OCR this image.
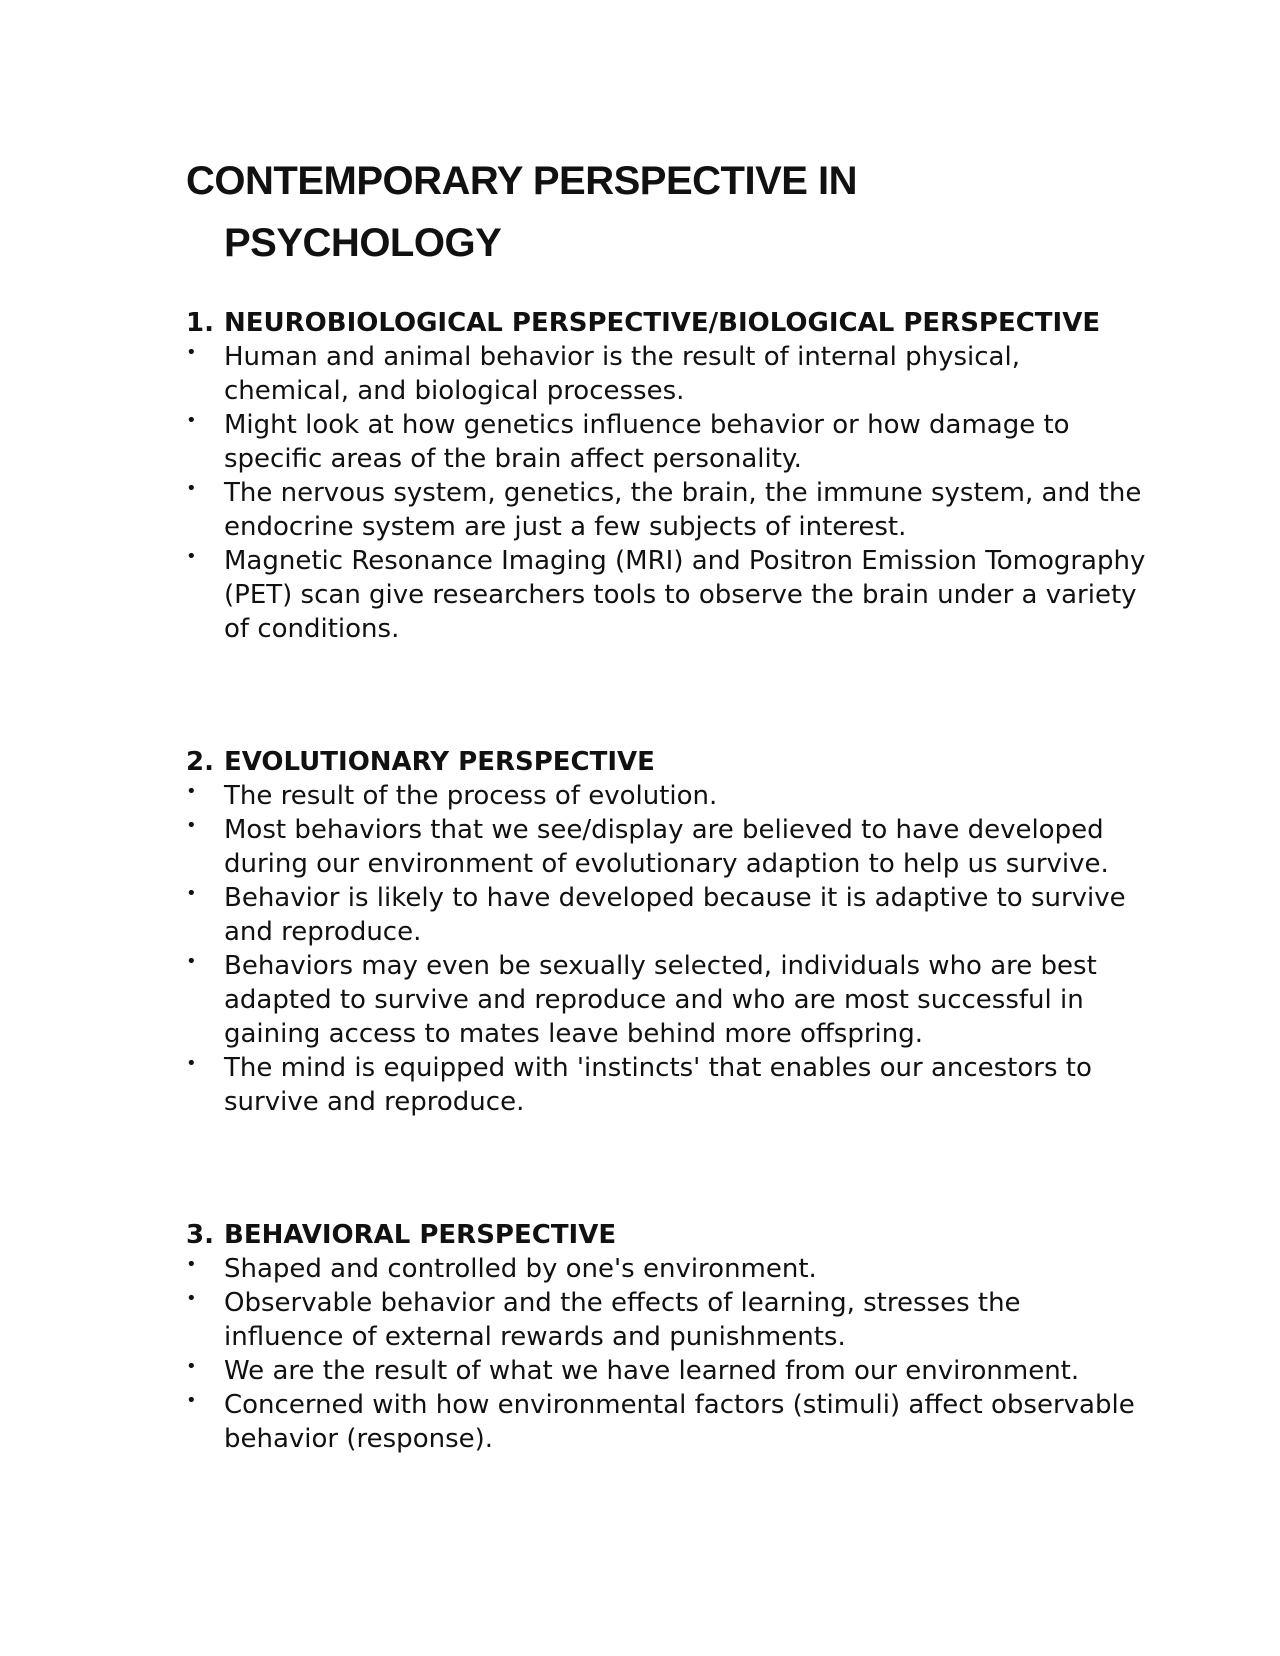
CONTEMPORARY PERSPECTIVE IN
PSYCHOLOGY
1. NEUROBIOLOGICAL PERSPECTIVE/BIOLOGICAL PERSPECTIVE
• Human and animal behavior is the result of internal physical, chemical, and biological processes.
• Might look at how genetics influence behavior or how damage to specific areas of the brain affect personality.
• The nervous system, genetics, the brain, the immune system, and the endocrine system are just a few subjects of interest.
• Magnetic Resonance Imaging (MRI) and Positron Emission Tomography (PET) scan give researchers tools to observe the brain under a variety of conditions.
2. EVOLUTIONARY PERSPECTIVE
• The result of the process of evolution.
• Most behaviors that we see/display are believed to have developed during our environment of evolutionary adaption to help us survive.
• Behavior is likely to have developed because it is adaptive to survive and reproduce.
• Behaviors may even be sexually selected, individuals who are best adapted to survive and reproduce and who are most successful in gaining access to mates leave behind more offspring.
• The mind is equipped with 'instincts' that enables our ancestors to survive and reproduce.
3. BEHAVIORAL PERSPECTIVE
• Shaped and controlled by one's environment.
• Observable behavior and the effects of learning, stresses the influence of external rewards and punishments.
• We are the result of what we have learned from our environment.
• Concerned with how environmental factors (stimuli) affect observable behavior (response).
